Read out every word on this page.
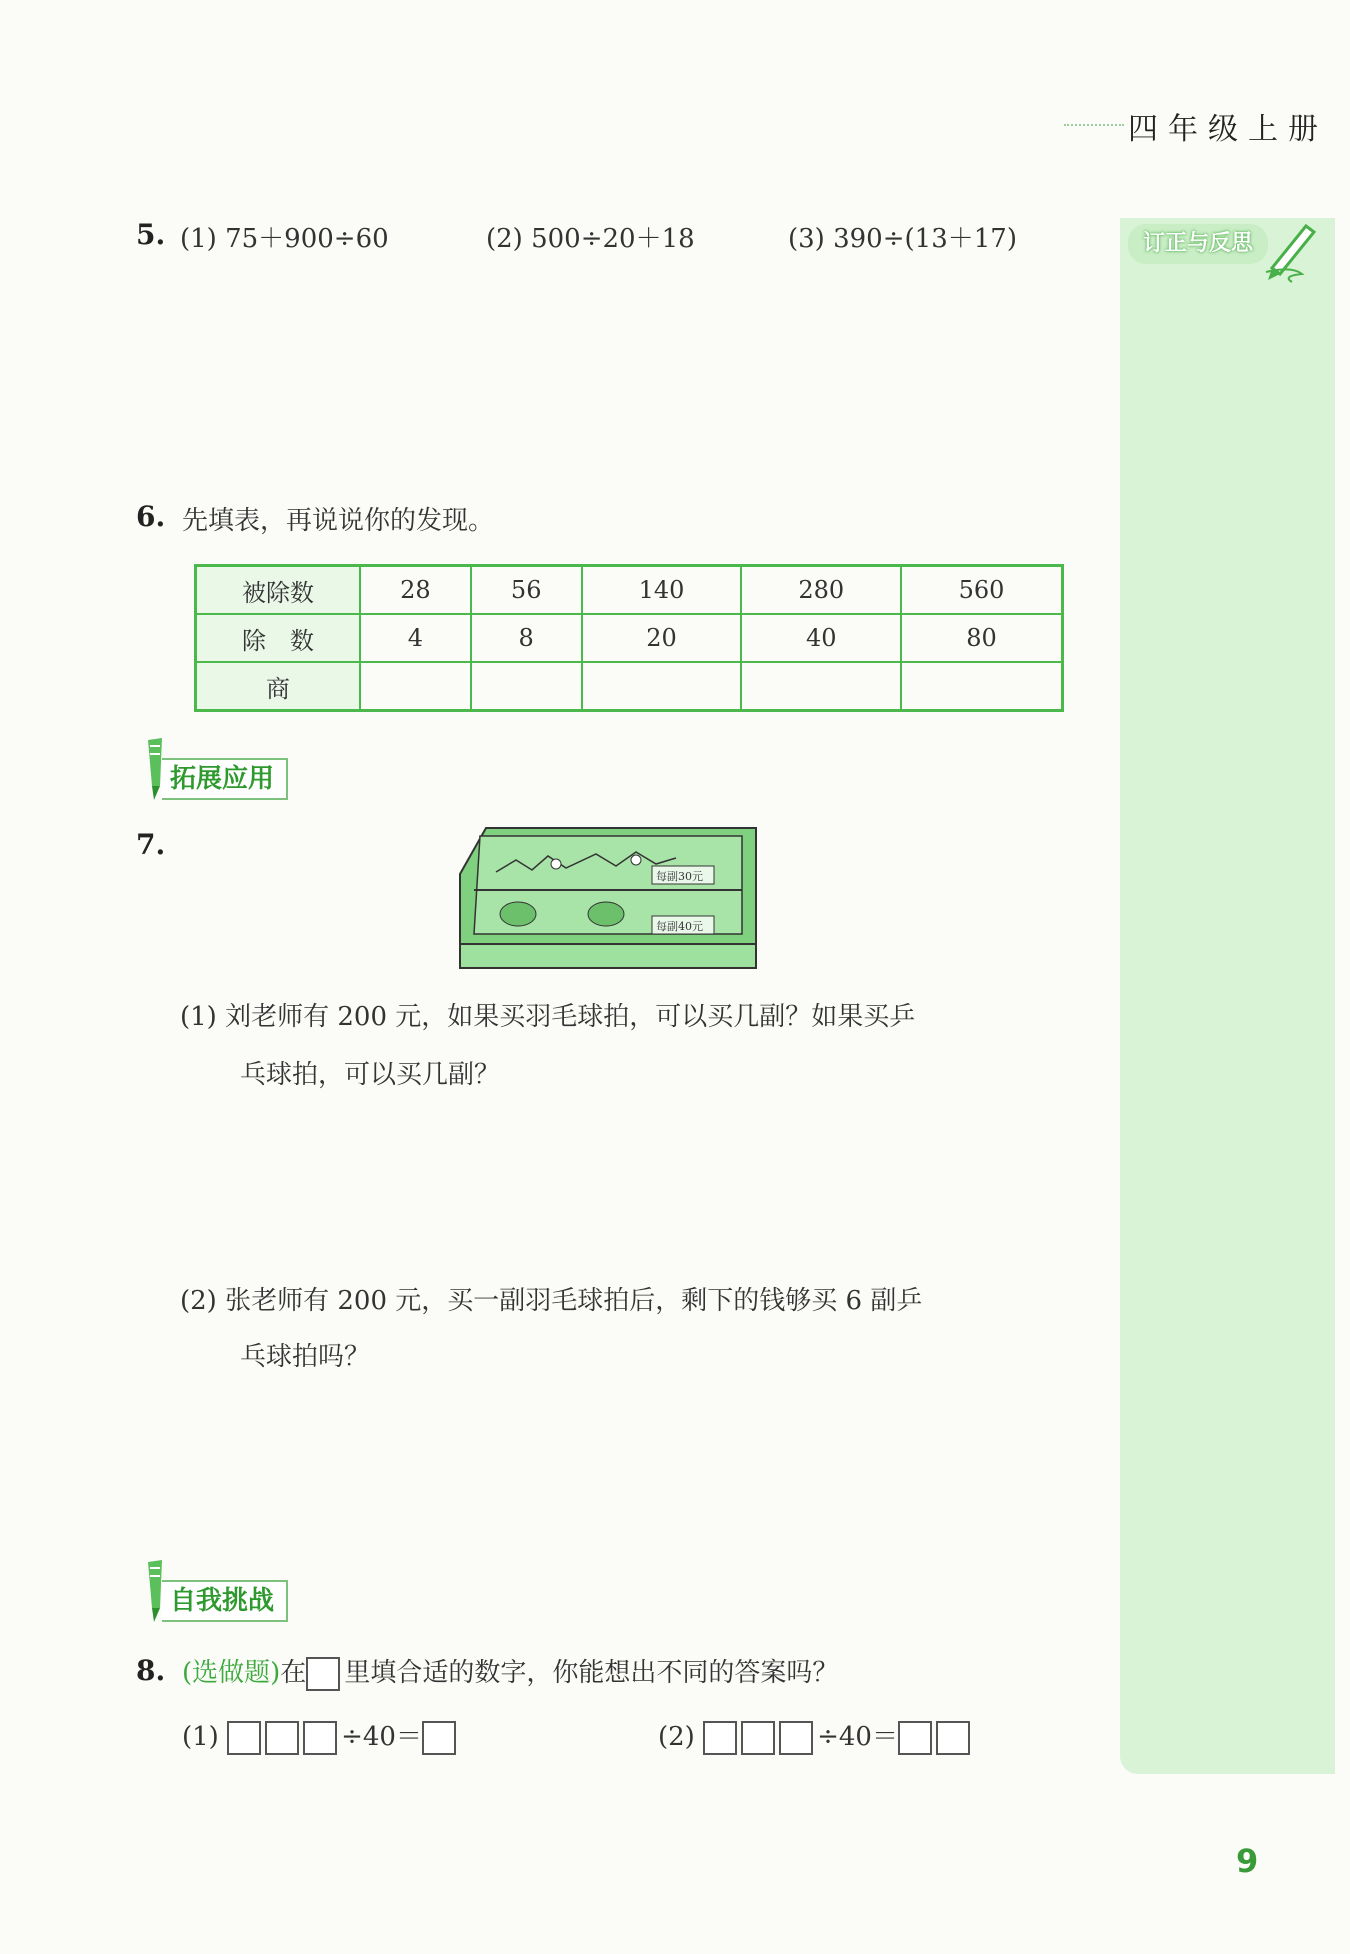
四年级上册
订正与反思
5. (1) 75＋900÷60	(2) 500÷20＋18	(3) 390÷(13＋17)
6. 先填表，再说说你的发现。
被除数	28	56	140	280	560
除　数	4	8	20	40	80
商					
拓展应用
7.
每副30元
每副40元
(1) 刘老师有 200 元，如果买羽毛球拍，可以买几副？如果买乒
乓球拍，可以买几副？
(2) 张老师有 200 元，买一副羽毛球拍后，剩下的钱够买 6 副乒
乓球拍吗？
自我挑战
8. (选做题)在 里填合适的数字，你能想出不同的答案吗？
(1)	÷40＝	(2)	÷40＝
9
